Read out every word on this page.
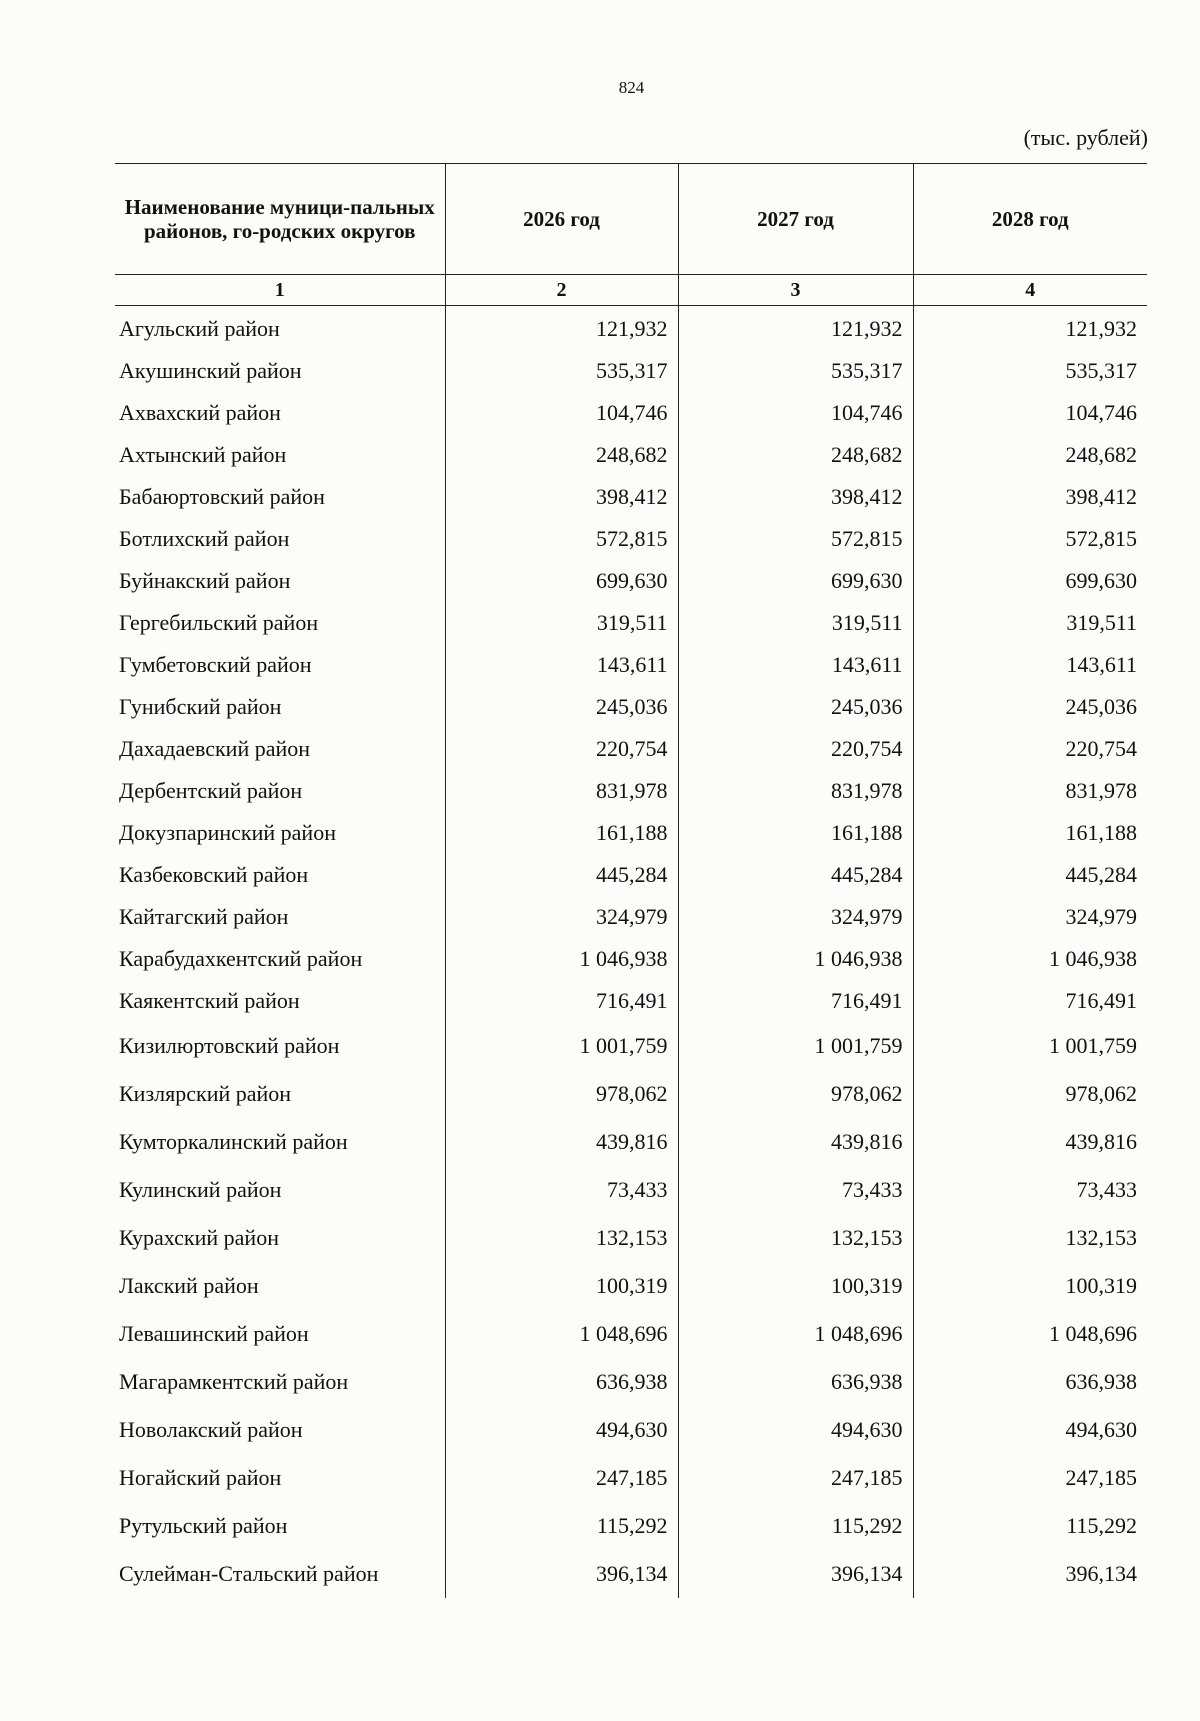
824
(тыс. рублей)
Наименование муници-пальных районов, го-родских округов	2026 год	2027 год	2028 год
1	2	3	4
Агульский район	121,932	121,932	121,932
Акушинский район	535,317	535,317	535,317
Ахвахский район	104,746	104,746	104,746
Ахтынский район	248,682	248,682	248,682
Бабаюртовский район	398,412	398,412	398,412
Ботлихский район	572,815	572,815	572,815
Буйнакский район	699,630	699,630	699,630
Гергебильский район	319,511	319,511	319,511
Гумбетовский район	143,611	143,611	143,611
Гунибский район	245,036	245,036	245,036
Дахадаевский район	220,754	220,754	220,754
Дербентский район	831,978	831,978	831,978
Докузпаринский район	161,188	161,188	161,188
Казбековский район	445,284	445,284	445,284
Кайтагский район	324,979	324,979	324,979
Карабудахкентский район	1 046,938	1 046,938	1 046,938
Каякентский район	716,491	716,491	716,491
Кизилюртовский район	1 001,759	1 001,759	1 001,759
Кизлярский район	978,062	978,062	978,062
Кумторкалинский район	439,816	439,816	439,816
Кулинский район	73,433	73,433	73,433
Курахский район	132,153	132,153	132,153
Лакский район	100,319	100,319	100,319
Левашинский район	1 048,696	1 048,696	1 048,696
Магарамкентский район	636,938	636,938	636,938
Новолакский район	494,630	494,630	494,630
Ногайский район	247,185	247,185	247,185
Рутульский район	115,292	115,292	115,292
Сулейман-Стальский район	396,134	396,134	396,134
